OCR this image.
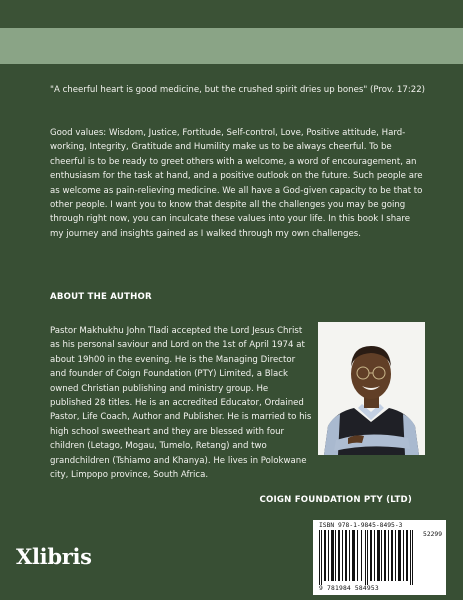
"A cheerful heart is good medicine, but the crushed spirit dries up bones" (Prov. 17:22)

Good values: Wisdom, Justice, Fortitude, Self-control, Love, Positive attitude, Hard-working, Integrity, Gratitude and Humility make us to be always cheerful. To be cheerful is to be ready to greet others with a welcome, a word of encouragement, an enthusiasm for the task at hand, and a positive outlook on the future. Such people are as welcome as pain-relieving medicine. We all have a God-given capacity to be that to other people. I want you to know that despite all the challenges you may be going through right now, you can inculcate these values into your life. In this book I share my journey and insights gained as I walked through my own challenges.

ABOUT THE AUTHOR
Pastor Makhukhu John Tladi accepted the Lord Jesus Christ as his personal saviour and Lord on the 1st of April 1974 at about 19h00 in the evening. He is the Managing Director and founder of Coign Foundation (PTY) Limited, a Black owned Christian publishing and ministry group. He published 28 titles. He is an accredited Educator, Ordained Pastor, Life Coach, Author and Publisher. He is married to his high school sweetheart and they are blessed with four children (Letago, Mogau, Tumelo, Retang) and two grandchildren (Tshiamo and Khanya). He lives in Polokwane city, Limpopo province, South Africa.
COIGN FOUNDATION PTY (LTD)
Xlibris
ISBN 978-1-9845-8495-3
52299
9 781984 584953
